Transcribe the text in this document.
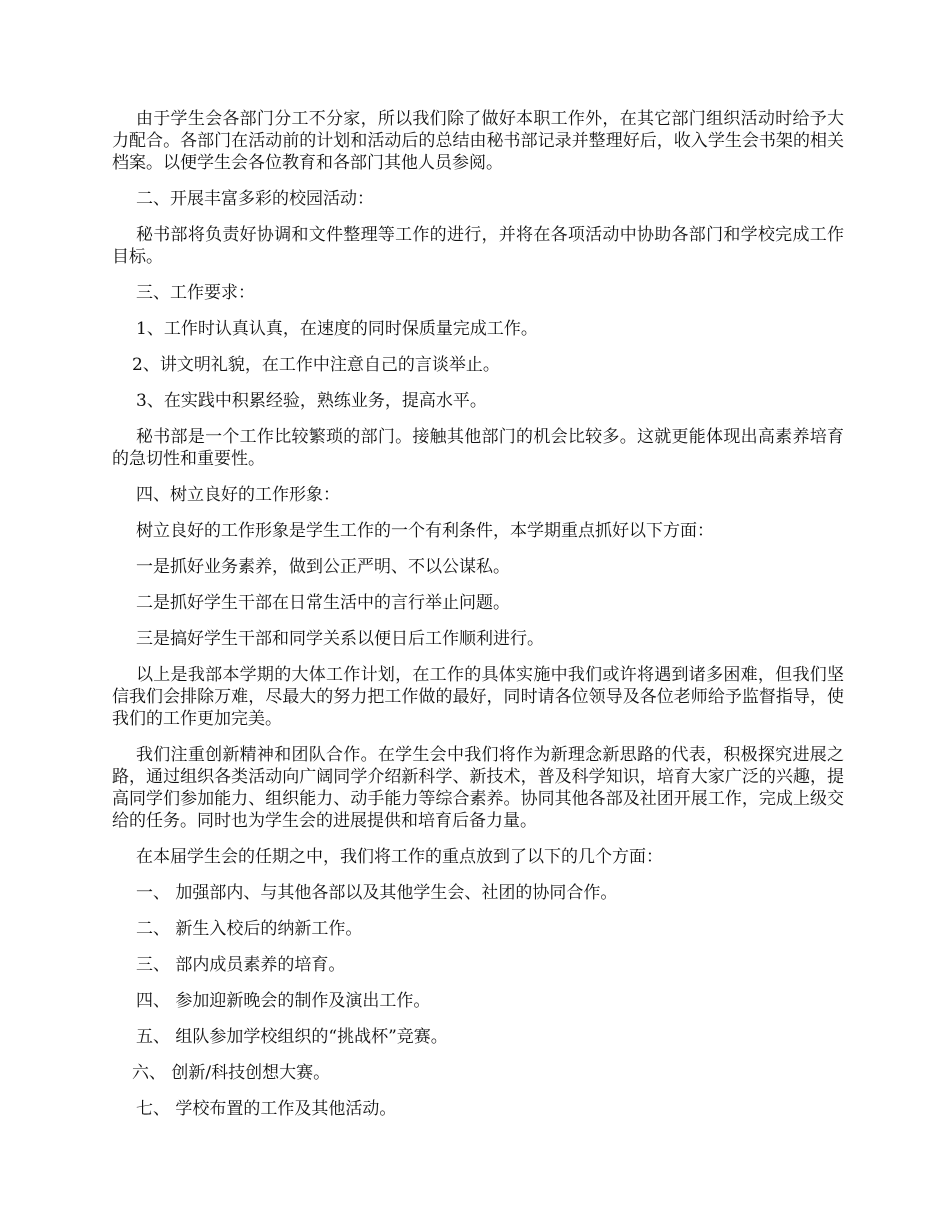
由于学生会各部门分工不分家，所以我们除了做好本职工作外，在其它部门组织活动时给予大力配合。各部门在活动前的计划和活动后的总结由秘书部记录并整理好后，收入学生会书架的相关档案。以便学生会各位教育和各部门其他人员参阅。

二、开展丰富多彩的校园活动：

秘书部将负责好协调和文件整理等工作的进行，并将在各项活动中协助各部门和学校完成工作目标。

三、工作要求：

1、工作时认真认真，在速度的同时保质量完成工作。

2、讲文明礼貌，在工作中注意自己的言谈举止。

3、在实践中积累经验，熟练业务，提高水平。

秘书部是一个工作比较繁琐的部门。接触其他部门的机会比较多。这就更能体现出高素养培育的急切性和重要性。

四、树立良好的工作形象：

树立良好的工作形象是学生工作的一个有利条件，本学期重点抓好以下方面：

一是抓好业务素养，做到公正严明、不以公谋私。

二是抓好学生干部在日常生活中的言行举止问题。

三是搞好学生干部和同学关系以便日后工作顺利进行。

以上是我部本学期的大体工作计划，在工作的具体实施中我们或许将遇到诸多困难，但我们坚信我们会排除万难，尽最大的努力把工作做的最好，同时请各位领导及各位老师给予监督指导，使我们的工作更加完美。

我们注重创新精神和团队合作。在学生会中我们将作为新理念新思路的代表，积极探究进展之路，通过组织各类活动向广阔同学介绍新科学、新技术，普及科学知识，培育大家广泛的兴趣，提高同学们参加能力、组织能力、动手能力等综合素养。协同其他各部及社团开展工作，完成上级交给的任务。同时也为学生会的进展提供和培育后备力量。

在本届学生会的任期之中，我们将工作的重点放到了以下的几个方面：

一、 加强部内、与其他各部以及其他学生会、社团的协同合作。

二、 新生入校后的纳新工作。

三、 部内成员素养的培育。

四、 参加迎新晚会的制作及演出工作。

五、 组队参加学校组织的“挑战杯”竞赛。

六、 创新/科技创想大赛。

七、 学校布置的工作及其他活动。
